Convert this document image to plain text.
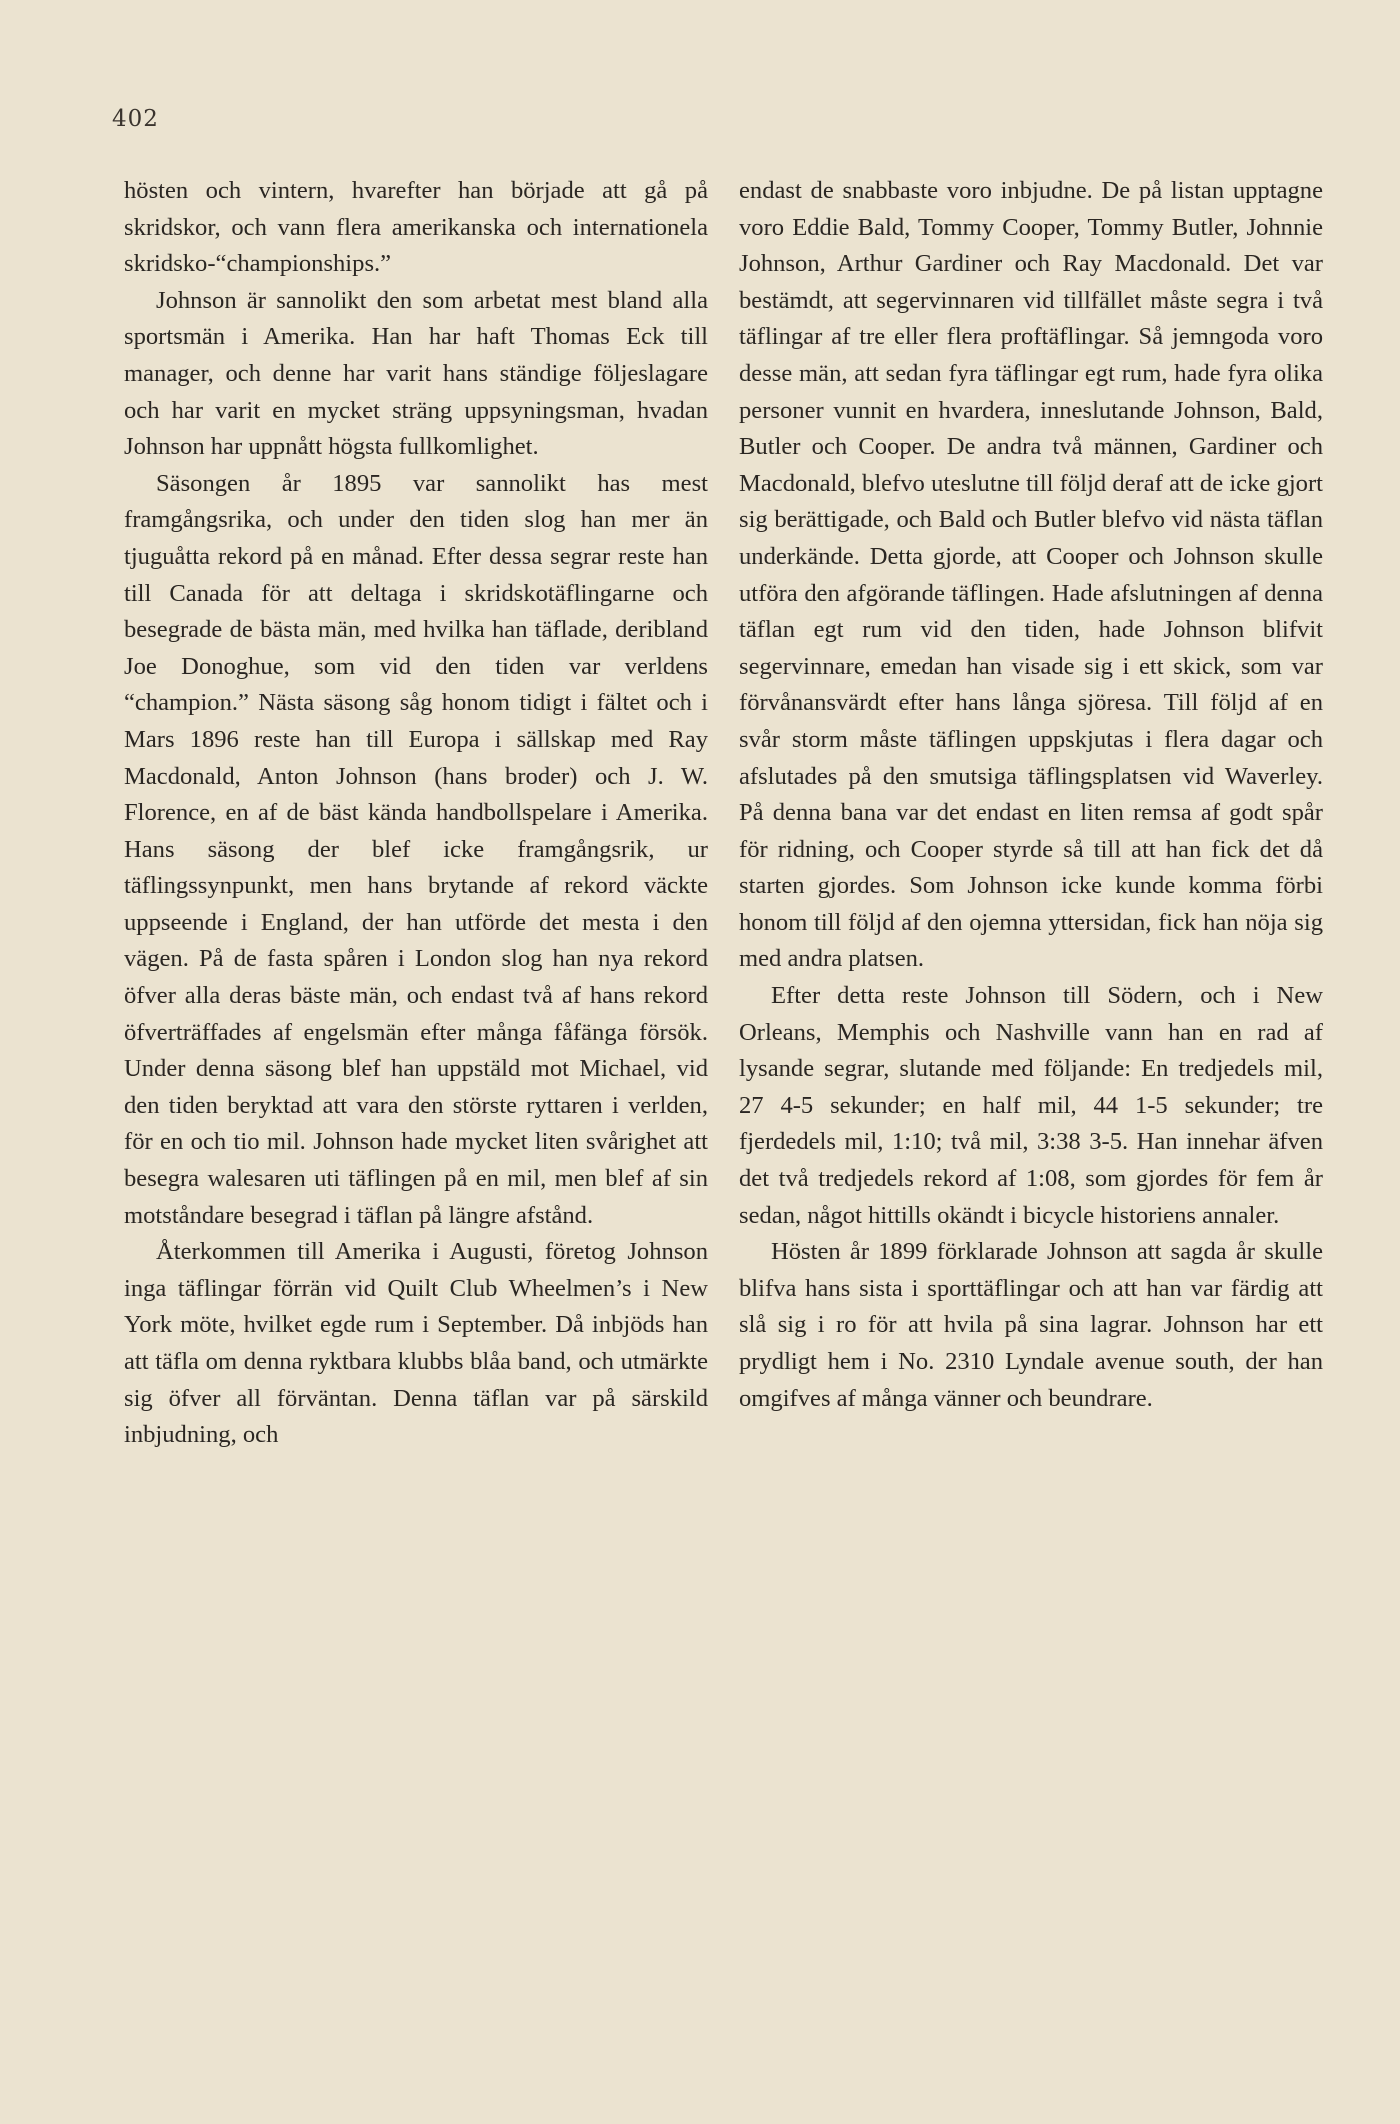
402

hösten och vintern, hvarefter han började att gå på skridskor, och vann flera amerikanska och internationela skridsko-“championships.”

Johnson är sannolikt den som arbetat mest bland alla sportsmän i Amerika. Han har haft Thomas Eck till manager, och denne har varit hans ständige följeslagare och har varit en mycket sträng uppsyningsman, hvadan Johnson har uppnått högsta fullkomlighet.

Säsongen år 1895 var sannolikt has mest framgångsrika, och under den tiden slog han mer än tjuguåtta rekord på en månad. Efter dessa segrar reste han till Canada för att deltaga i skridskotäflingarne och besegrade de bästa män, med hvilka han täflade, deribland Joe Donoghue, som vid den tiden var verldens “champion.” Nästa säsong såg honom tidigt i fältet och i Mars 1896 reste han till Europa i sällskap med Ray Macdonald, Anton Johnson (hans broder) och J. W. Florence, en af de bäst kända handbollspelare i Amerika. Hans säsong der blef icke framgångsrik, ur täflingssynpunkt, men hans brytande af rekord väckte uppseende i England, der han utförde det mesta i den vägen. På de fasta spåren i London slog han nya rekord öfver alla deras bäste män, och endast två af hans rekord öfverträffades af engelsmän efter många fåfänga försök. Under denna säsong blef han uppstäld mot Michael, vid den tiden beryktad att vara den störste ryttaren i verlden, för en och tio mil. Johnson hade mycket liten svårighet att besegra walesaren uti täflingen på en mil, men blef af sin motståndare besegrad i täflan på längre afstånd.

Återkommen till Amerika i Augusti, företog Johnson inga täflingar förrän vid Quilt Club Wheelmen’s i New York möte, hvilket egde rum i September. Då inbjöds han att täfla om denna ryktbara klubbs blåa band, och utmärkte sig öfver all förväntan. Denna täflan var på särskild inbjudning, och

endast de snabbaste voro inbjudne. De på listan upptagne voro Eddie Bald, Tommy Cooper, Tommy Butler, Johnnie Johnson, Arthur Gardiner och Ray Macdonald. Det var bestämdt, att segervinnaren vid tillfället måste segra i två täflingar af tre eller flera proftäflingar. Så jemngoda voro desse män, att sedan fyra täflingar egt rum, hade fyra olika personer vunnit en hvardera, inneslutande Johnson, Bald, Butler och Cooper. De andra två männen, Gardiner och Macdonald, blefvo uteslutne till följd deraf att de icke gjort sig berättigade, och Bald och Butler blefvo vid nästa täflan underkände. Detta gjorde, att Cooper och Johnson skulle utföra den afgörande täflingen. Hade afslutningen af denna täflan egt rum vid den tiden, hade Johnson blifvit segervinnare, emedan han visade sig i ett skick, som var förvånansvärdt efter hans långa sjöresa. Till följd af en svår storm måste täflingen uppskjutas i flera dagar och afslutades på den smutsiga täflingsplatsen vid Waverley. På denna bana var det endast en liten remsa af godt spår för ridning, och Cooper styrde så till att han fick det då starten gjordes. Som Johnson icke kunde komma förbi honom till följd af den ojemna yttersidan, fick han nöja sig med andra platsen.

Efter detta reste Johnson till Södern, och i New Orleans, Memphis och Nashville vann han en rad af lysande segrar, slutande med följande: En tredjedels mil, 27 4-5 sekunder; en half mil, 44 1-5 sekunder; tre fjerdedels mil, 1:10; två mil, 3:38 3-5. Han innehar äfven det två tredjedels rekord af 1:08, som gjordes för fem år sedan, något hittills okändt i bicycle historiens annaler.

Hösten år 1899 förklarade Johnson att sagda år skulle blifva hans sista i sporttäflingar och att han var färdig att slå sig i ro för att hvila på sina lagrar. Johnson har ett prydligt hem i No. 2310 Lyndale avenue south, der han omgifves af många vänner och beundrare.
